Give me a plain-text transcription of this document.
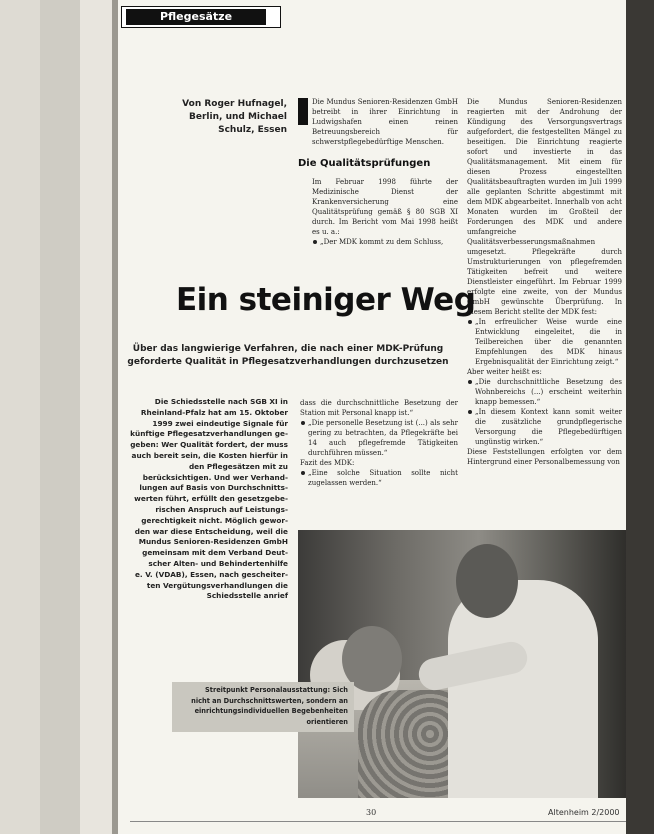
Pflegesätze
Von Roger Hufnagel,
Berlin, und Michael
Schulz, Essen

Die Mundus Senioren-Residenzen GmbH betreibt in ihrer Einrichtung in Ludwigshafen einen reinen Betreuungsbereich für schwerstpflegebedürftige Menschen.

Die Qualitätsprüfungen

Im Februar 1998 führte der Medizinische Dienst der Krankenversicherung eine Qualitätsprüfung gemäß § 80 SGB XI durch. Im Bericht vom Mai 1998 heißt es u. a.:

„Der MDK kommt zu dem Schluss,

Die Mundus Senioren-Residenzen reagierten mit der Androhung der Kündigung des Versorgungsvertrags aufgefordert, die festgestellten Mängel zu beseitigen. Die Einrichtung reagierte sofort und investierte in das Qualitätsmanagement. Mit einem für diesen Prozess eingestellten Qualitätsbeauftragten wurden im Juli 1999 alle geplanten Schritte abgestimmt mit dem MDK abgearbeitet. Innerhalb von acht Monaten wurden im Großteil der Forderungen des MDK und andere umfangreiche Qualitätsverbesserungsmaßnahmen umgesetzt. Pflegekräfte durch Umstrukturierungen von pflegefremden Tätigkeiten befreit und weitere Dienstleister eingeführt. Im Februar 1999 erfolgte eine zweite, von der Mundus GmbH gewünschte Überprüfung. In diesem Bericht stellte der MDK fest:

„In erfreulicher Weise wurde eine Entwicklung eingeleitet, die in Teilbereichen über die genannten Empfehlungen des MDK hinaus Ergebnisqualität der Einrichtung zeigt.“

Aber weiter heißt es:

„Die durchschnittliche Besetzung des Wohnbereichs (...) erscheint weiterhin knapp bemessen.“

„In diesem Kontext kann somit weiter die zusätzliche grundpflegerische Versorgung die Pflegebedürftigen ungünstig wirken.“

Diese Feststellungen erfolgten vor dem Hintergrund einer Personalbemessung von

Ein steiniger Weg
Über das langwierige Verfahren, die nach einer MDK-Prüfung
geforderte Qualität in Pflegesatzverhandlungen durchzusetzen
Die Schiedsstelle nach SGB XI in
Rheinland-Pfalz hat am 15. Oktober
1999 zwei eindeutige Signale für
künftige Pflegesatzverhandlungen ge-
geben: Wer Qualität fordert, der muss
auch bereit sein, die Kosten hierfür in
den Pflegesätzen mit zu
berücksichtigen. Und wer Verhand-
lungen auf Basis von Durchschnitts-
werten führt, erfüllt den gesetzgebe-
rischen Anspruch auf Leistungs-
gerechtigkeit nicht. Möglich gewor-
den war diese Entscheidung, weil die
Mundus Senioren-Residenzen GmbH
gemeinsam mit dem Verband Deut-
scher Alten- und Behindertenhilfe
e. V. (VDAB), Essen, nach gescheiter-
ten Vergütungsverhandlungen die
Schiedsstelle anrief

dass die durchschnittliche Besetzung der Station mit Personal knapp ist.“

„Die personelle Besetzung ist (...) als sehr gering zu betrachten, da Pflegekräfte bei 14 auch pflegefremde Tätigkeiten durchführen müssen.“

Fazit des MDK:

„Eine solche Situation sollte nicht zugelassen werden.“

Streitpunkt Personalausstattung: Sich
nicht an Durchschnittswerten, sondern an
einrichtungsindividuellen Begebenheiten
orientieren
30	Altenheim 2/2000
